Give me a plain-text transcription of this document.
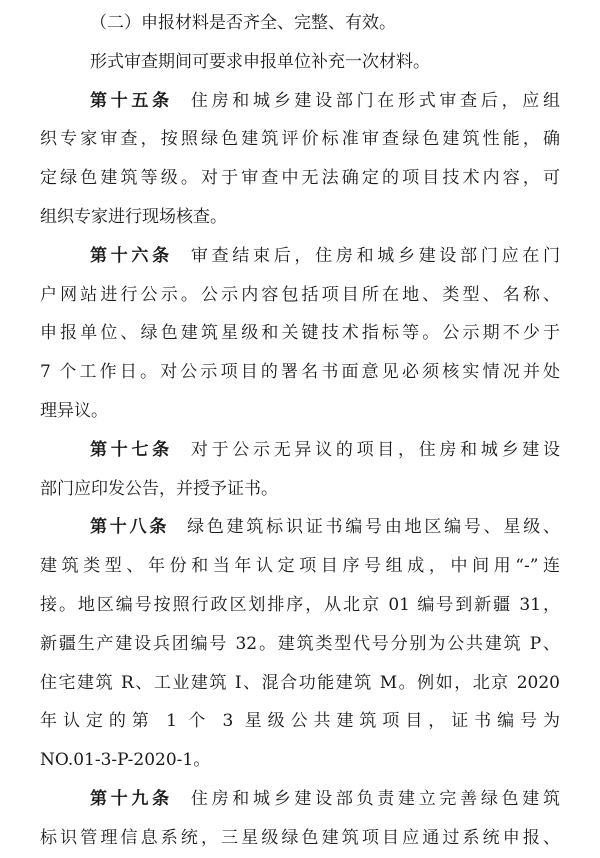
（二）申报材料是否齐全、完整、有效。
形式审查期间可要求申报单位补充一次材料。
第十五条 住房和城乡建设部门在形式审查后，应组
织专家审查，按照绿色建筑评价标准审查绿色建筑性能，确
定绿色建筑等级。对于审查中无法确定的项目技术内容，可
组织专家进行现场核查。
第十六条 审查结束后，住房和城乡建设部门应在门
户网站进行公示。公示内容包括项目所在地、类型、名称、
申报单位、绿色建筑星级和关键技术指标等。公示期不少于
7 个工作日。对公示项目的署名书面意见必须核实情况并处
理异议。
第十七条 对于公示无异议的项目，住房和城乡建设
部门应印发公告，并授予证书。
第十八条 绿色建筑标识证书编号由地区编号、星级、
建筑类型、年份和当年认定项目序号组成，中间用“-”连
接。地区编号按照行政区划排序，从北京 01 编号到新疆 31，
新疆生产建设兵团编号 32。建筑类型代号分别为公共建筑 P、
住宅建筑 R、工业建筑 I、混合功能建筑 M。例如，北京 2020
年认定的第 1 个 3 星级公共建筑项目，证书编号为
NO.01-3-P-2020-1。
第十九条 住房和城乡建设部负责建立完善绿色建筑
标识管理信息系统，三星级绿色建筑项目应通过系统申报、
